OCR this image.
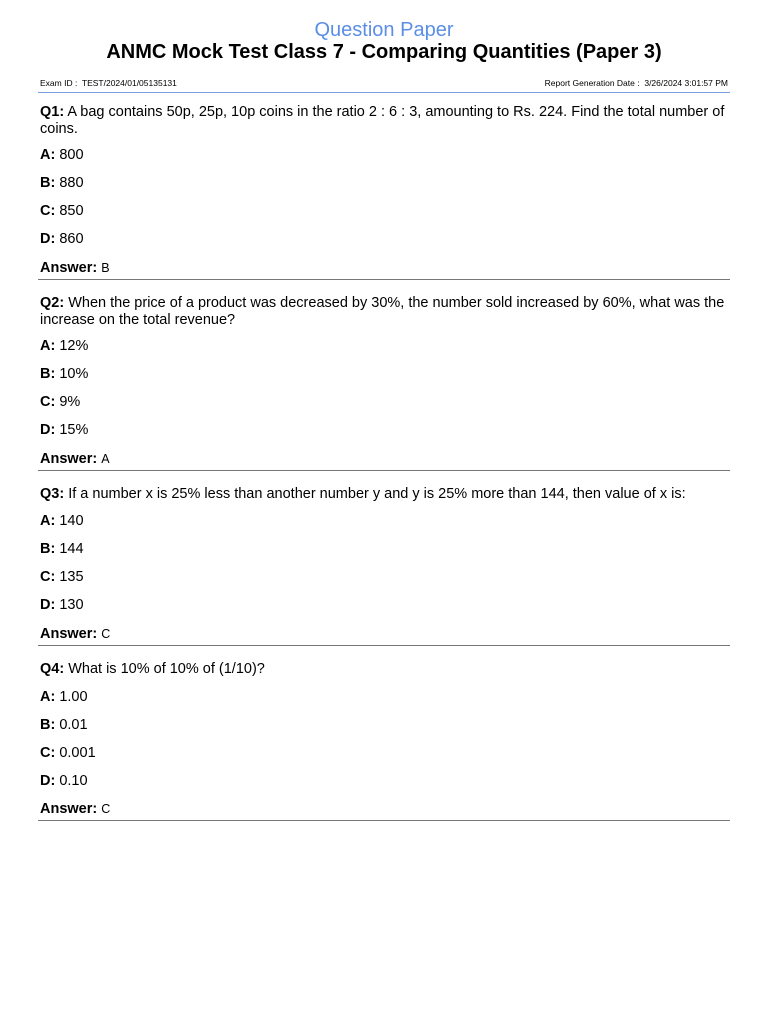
Question Paper
ANMC Mock Test Class 7 - Comparing Quantities (Paper 3)
Exam ID : TEST/2024/01/05135131	Report Generation Date : 3/26/2024 3:01:57 PM
Q1: A bag contains 50p, 25p, 10p coins in the ratio 2 : 6 : 3, amounting to Rs. 224. Find the total number of coins.
A: 800
B: 880
C: 850
D: 860
Answer: B
Q2: When the price of a product was decreased by 30%, the number sold increased by 60%, what was the increase on the total revenue?
A: 12%
B: 10%
C: 9%
D: 15%
Answer: A
Q3: If a number x is 25% less than another number y and y is 25% more than 144, then value of x is:
A: 140
B: 144
C: 135
D: 130
Answer: C
Q4: What is 10% of 10% of (1/10)?
A: 1.00
B: 0.01
C: 0.001
D: 0.10
Answer: C
